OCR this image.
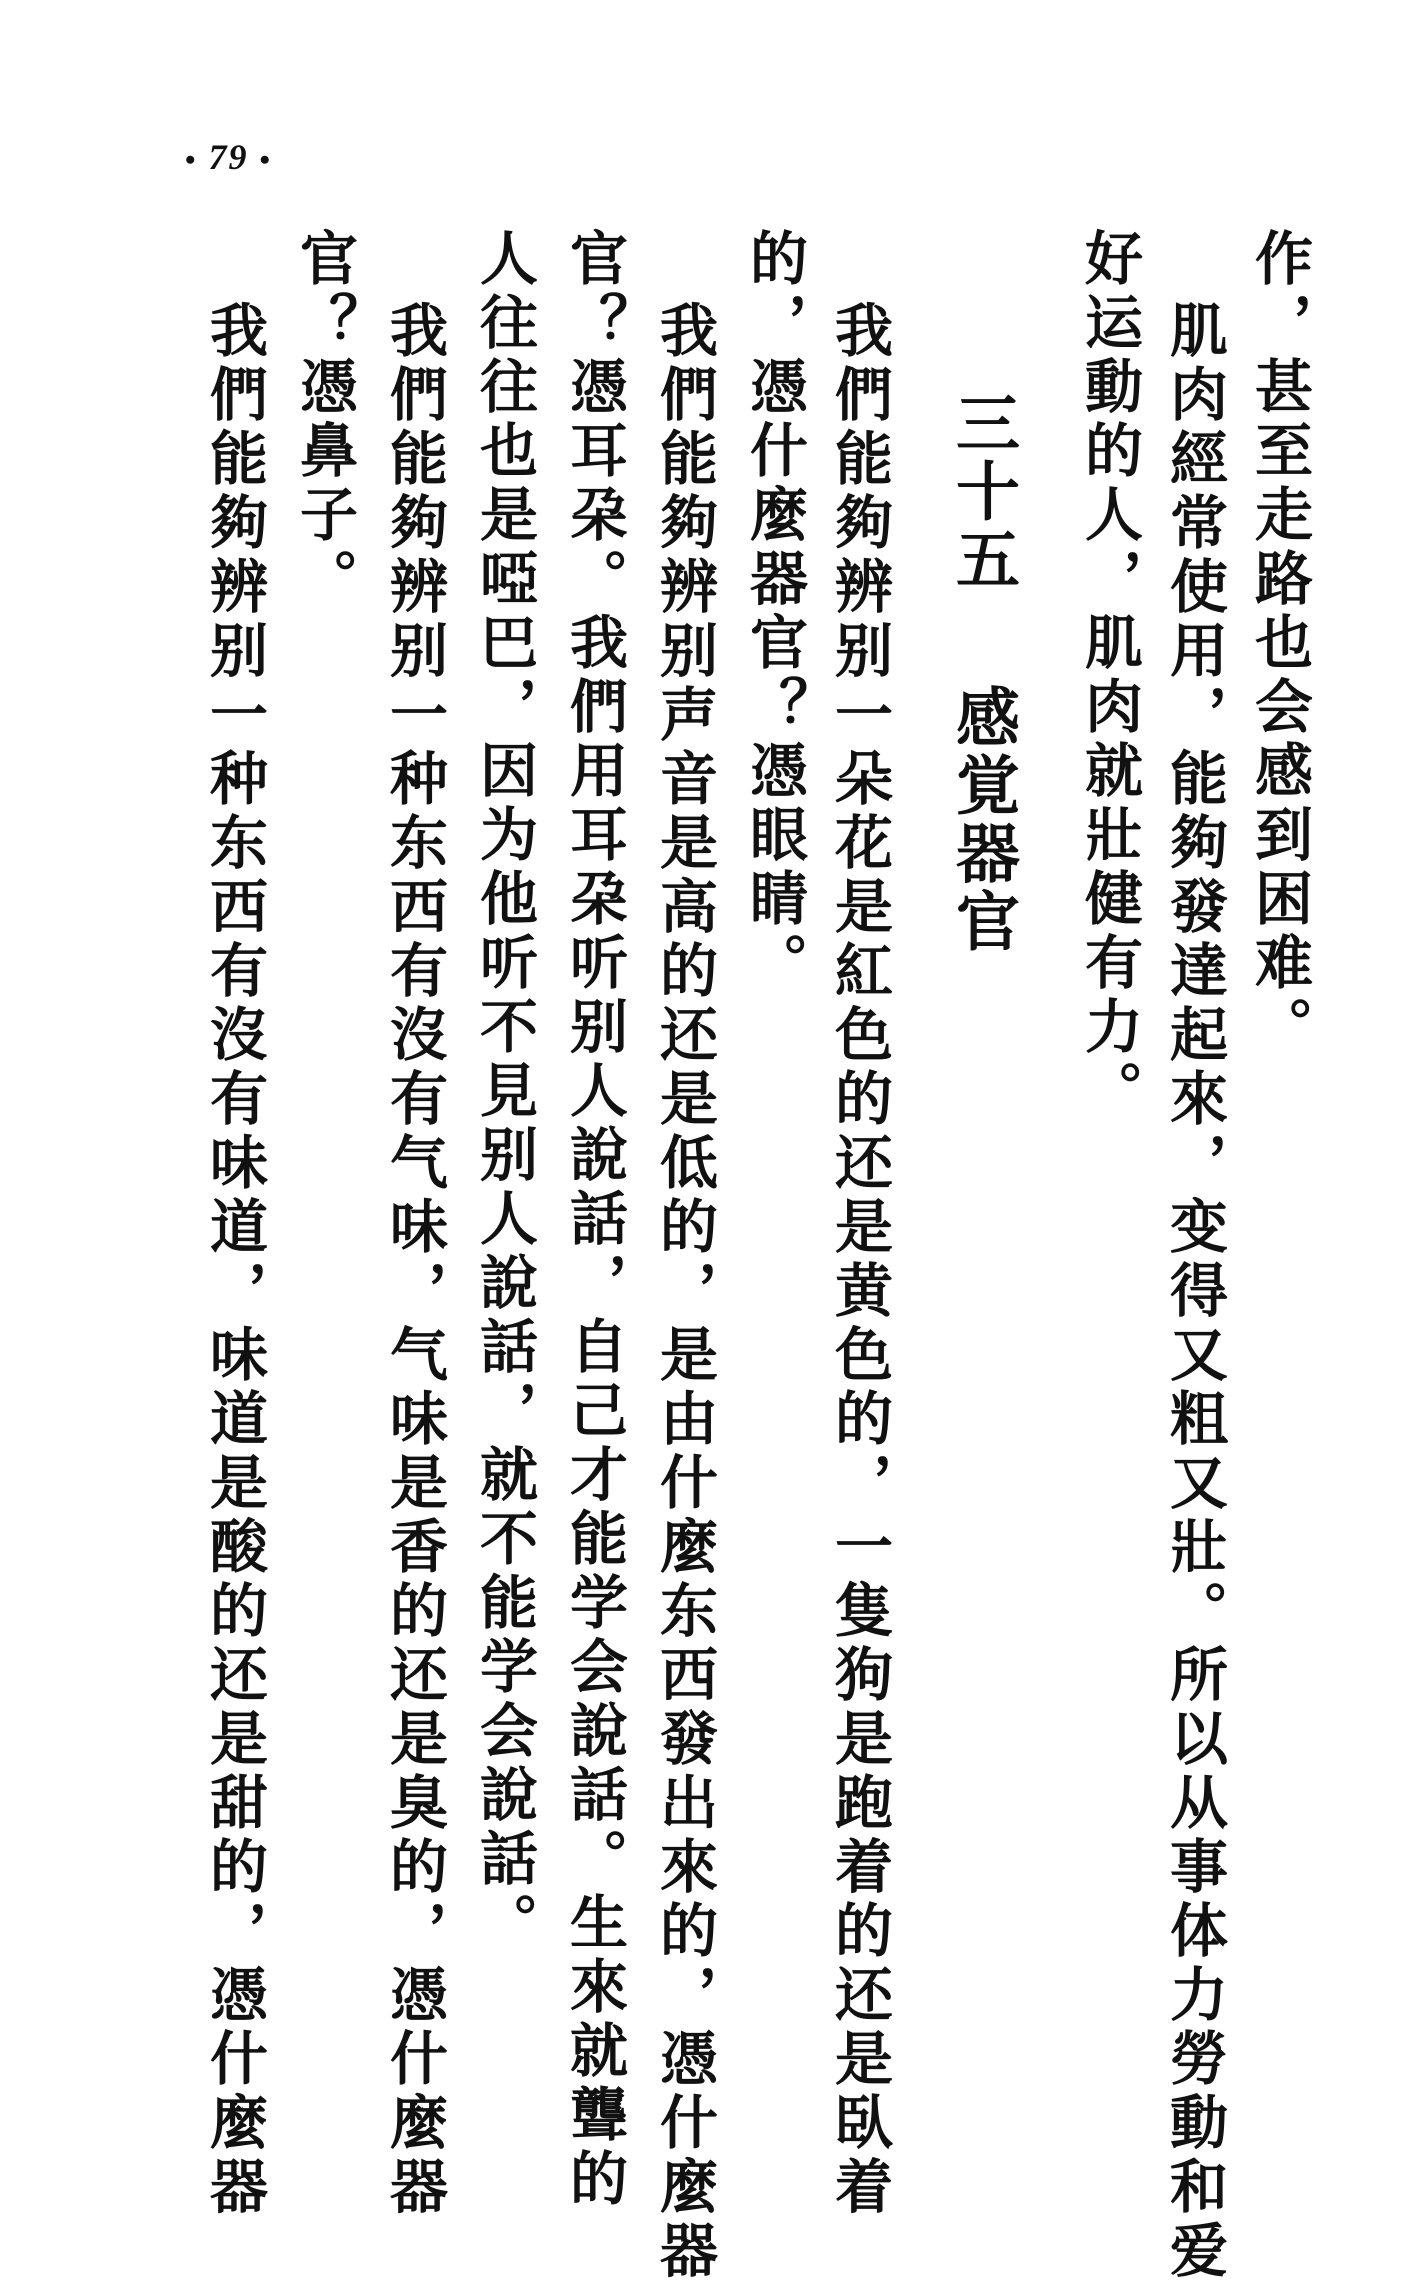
• 79 •
作，甚至走路也会感到困难。
肌肉經常使用，能夠發達起來，变得又粗又壯。所以从事体力勞動和爱
好运動的人，肌肉就壯健有力。
三十五感覚器官
我們能夠辨别一朵花是紅色的还是黄色的，一隻狗是跑着的还是臥着
的，憑什麼器官？憑眼睛。
我們能夠辨别声音是高的还是低的，是由什麼东西發出來的，憑什麼器
官？憑耳朶。我們用耳朶听别人說話，自己才能学会說話。生來就聾的
人往往也是啞巴，因为他听不見别人說話，就不能学会說話。
我們能夠辨别一种东西有沒有气味，气味是香的还是臭的，憑什麼器
官？憑鼻子。
我們能夠辨别一种东西有沒有味道，味道是酸的还是甜的，憑什麼器
